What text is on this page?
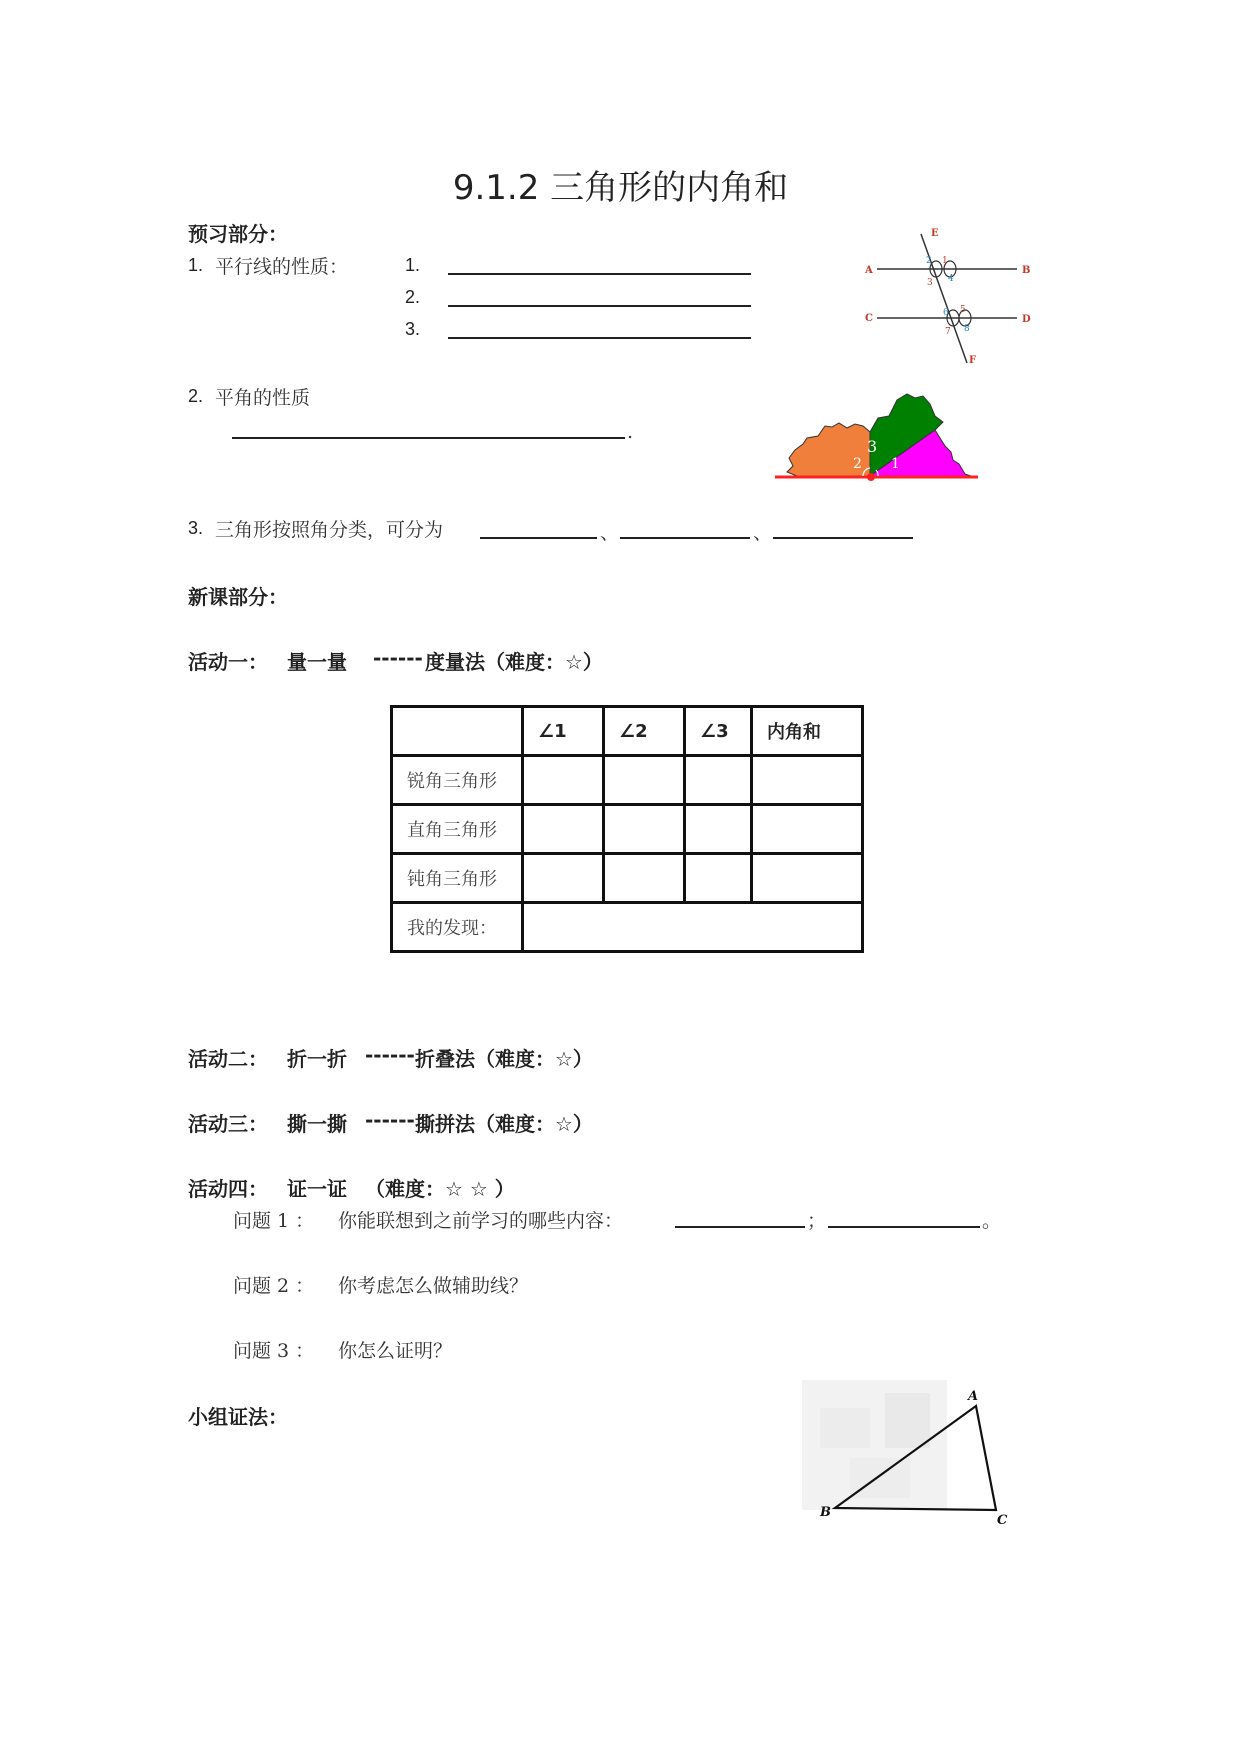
9.1.2 三角形的内角和
预习部分：
1. 平行线的性质：	1.
2.
3.
E
A	B
C	D
F
1
2
3 4
5
6
7 8
2. 平角的性质
.
1
2
3
3. 三角形按照角分类，可分为	、	、
新课部分：
活动一： 量一量 ------ 度量法（难度：☆）
	∠1	∠2	∠3	内角和
锐角三角形				
直角三角形				
钝角三角形				
我的发现：				
活动二： 折一折 ------ 折叠法（难度：☆）
活动三： 撕一撕 ------ 撕拼法（难度：☆）
活动四： 证一证 （难度：☆ ☆ ）
问题 1 ： 你能联想到之前学习的哪些内容：	；	。
问题 2 ： 你考虑怎么做辅助线？
问题 3 ： 你怎么证明？
小组证法：
A
B
C
